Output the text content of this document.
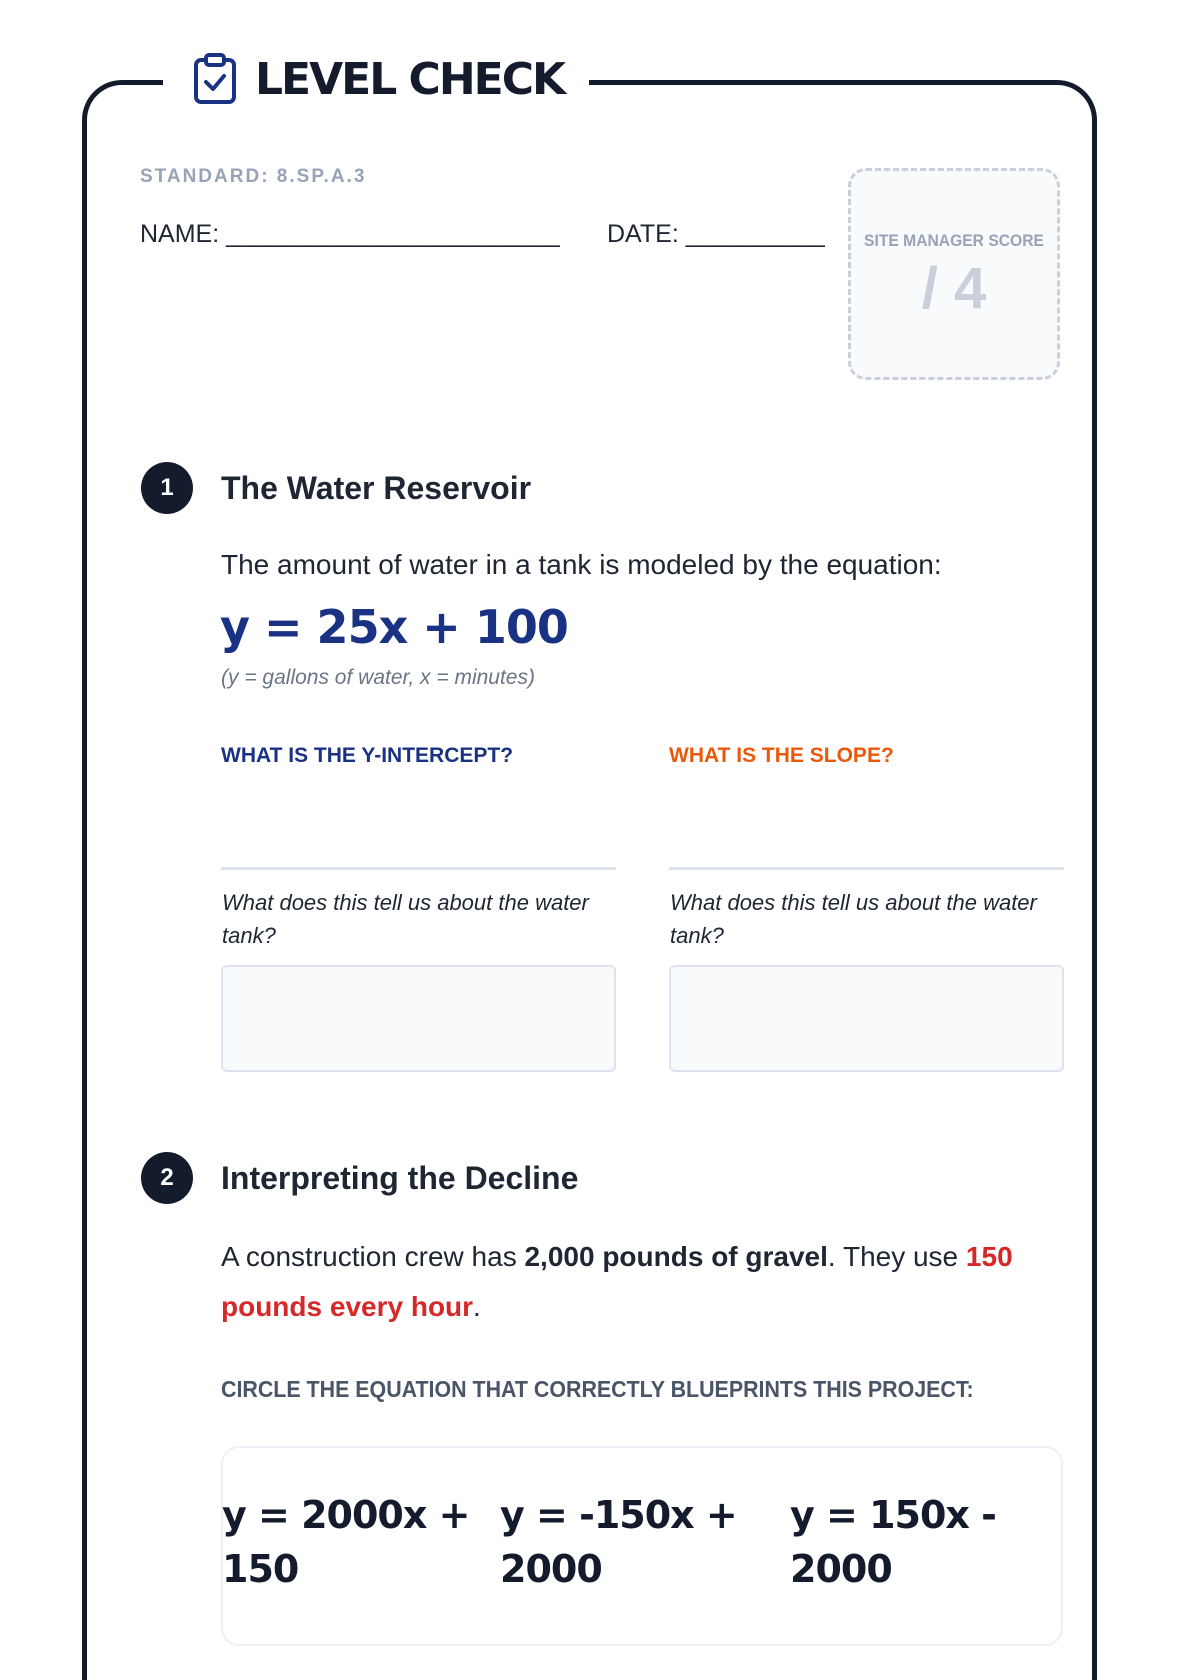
LEVEL CHECK
STANDARD: 8.SP.A.3
NAME: ________________________ DATE: __________ SITE MANAGER SCORE
/ 4
1	The Water Reservoir
The amount of water in a tank is modeled by the equation:
y = 25x + 100
(y = gallons of water, x = minutes)
WHAT IS THE Y-INTERCEPT?	WHAT IS THE SLOPE?
What does this tell us about the water tank?
What does this tell us about the water tank?
2	Interpreting the Decline
A construction crew has 2,000 pounds of gravel. They use 150 pounds every hour.
CIRCLE THE EQUATION THAT CORRECTLY BLUEPRINTS THIS PROJECT:
y = 2000x + 150
y = -150x + 2000
y = 150x - 2000
